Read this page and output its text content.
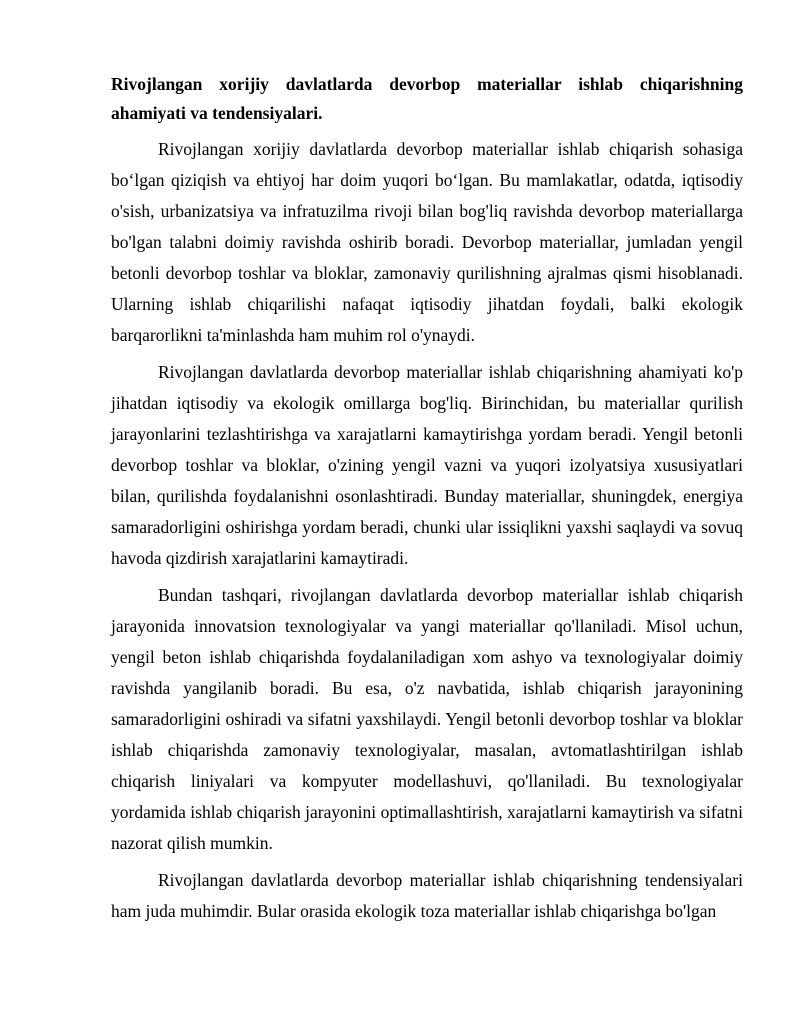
Rivojlangan xorijiy davlatlarda devorbop materiallar ishlab chiqarishning ahamiyati va tendensiyalari.

Rivojlangan xorijiy davlatlarda devorbop materiallar ishlab chiqarish sohasiga bo‘lgan qiziqish va ehtiyoj har doim yuqori bo‘lgan. Bu mamlakatlar, odatda, iqtisodiy o'sish, urbanizatsiya va infratuzilma rivoji bilan bog'liq ravishda devorbop materiallarga bo'lgan talabni doimiy ravishda oshirib boradi. Devorbop materiallar, jumladan yengil betonli devorbop toshlar va bloklar, zamonaviy qurilishning ajralmas qismi hisoblanadi. Ularning ishlab chiqarilishi nafaqat iqtisodiy jihatdan foydali, balki ekologik barqarorlikni ta'minlashda ham muhim rol o'ynaydi.

Rivojlangan davlatlarda devorbop materiallar ishlab chiqarishning ahamiyati ko'p jihatdan iqtisodiy va ekologik omillarga bog'liq. Birinchidan, bu materiallar qurilish jarayonlarini tezlashtirishga va xarajatlarni kamaytirishga yordam beradi. Yengil betonli devorbop toshlar va bloklar, o'zining yengil vazni va yuqori izolyatsiya xususiyatlari bilan, qurilishda foydalanishni osonlashtiradi. Bunday materiallar, shuningdek, energiya samaradorligini oshirishga yordam beradi, chunki ular issiqlikni yaxshi saqlaydi va sovuq havoda qizdirish xarajatlarini kamaytiradi.

Bundan tashqari, rivojlangan davlatlarda devorbop materiallar ishlab chiqarish jarayonida innovatsion texnologiyalar va yangi materiallar qo'llaniladi. Misol uchun, yengil beton ishlab chiqarishda foydalaniladigan xom ashyo va texnologiyalar doimiy ravishda yangilanib boradi. Bu esa, o'z navbatida, ishlab chiqarish jarayonining samaradorligini oshiradi va sifatni yaxshilaydi. Yengil betonli devorbop toshlar va bloklar ishlab chiqarishda zamonaviy texnologiyalar, masalan, avtomatlashtirilgan ishlab chiqarish liniyalari va kompyuter modellashuvi, qo'llaniladi. Bu texnologiyalar yordamida ishlab chiqarish jarayonini optimallashtirish, xarajatlarni kamaytirish va sifatni nazorat qilish mumkin.

Rivojlangan davlatlarda devorbop materiallar ishlab chiqarishning tendensiyalari ham juda muhimdir. Bular orasida ekologik toza materiallar ishlab chiqarishga bo'lgan
